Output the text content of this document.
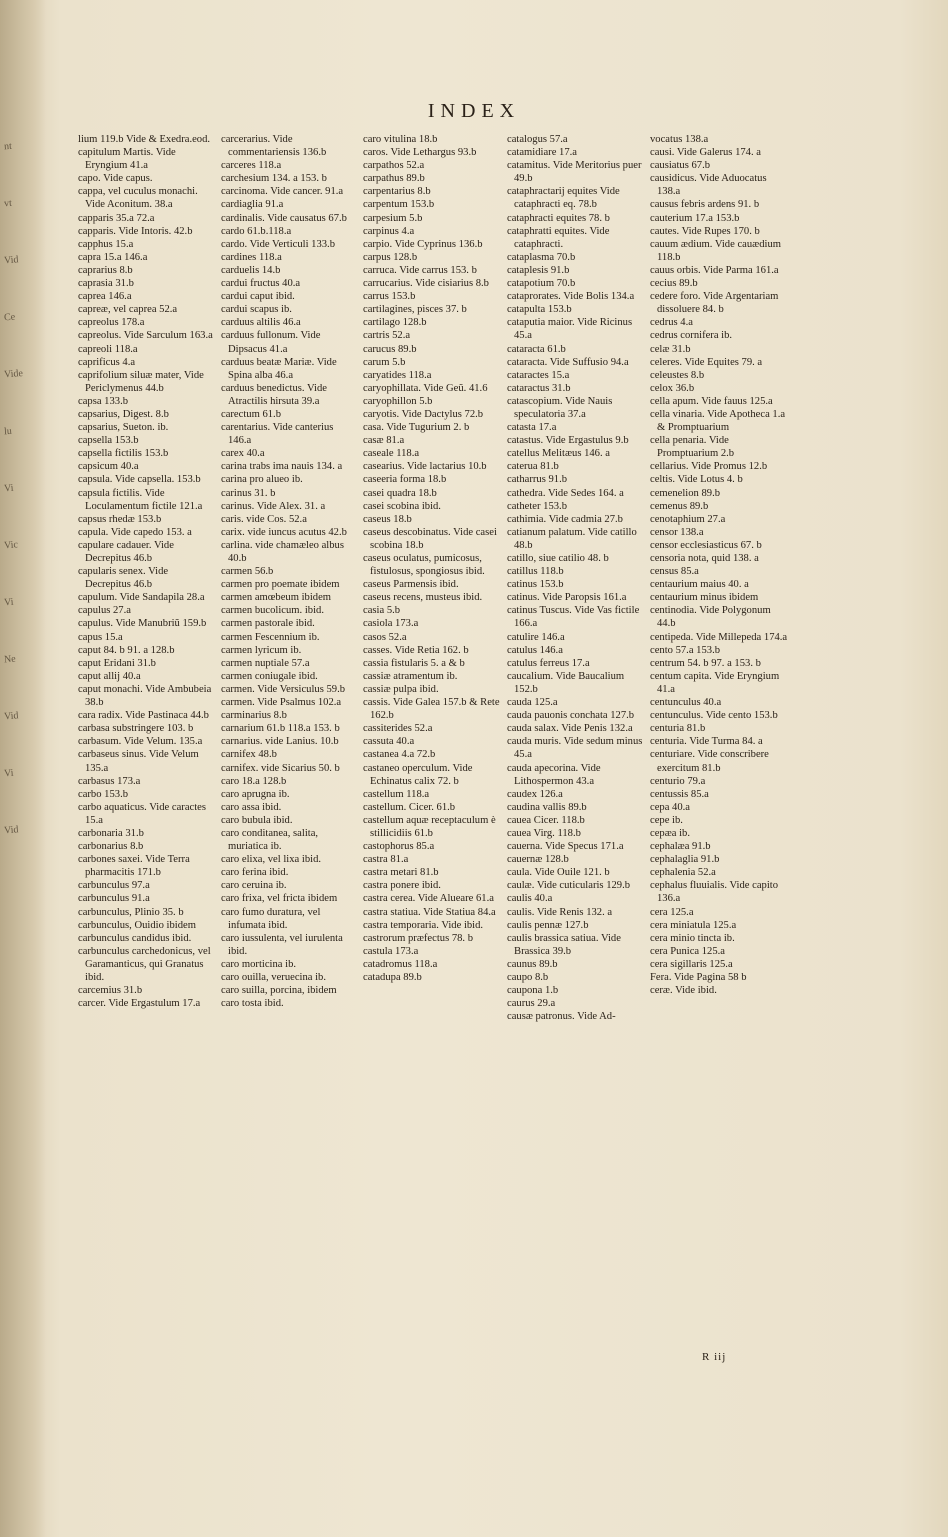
nt
vt
Vid
Ce
Vide
lu
Vi
Vic
Vi
Ne
Vid
Vi
Vid
INDEX

lium 119.b Vide & Exedra.eod.

capitulum Martis. Vide Eryngium 41.a

capo. Vide capus.

cappa, vel cuculus monachi. Vide Aconitum. 38.a

capparis 35.a 72.a

capparis. Vide Intoris. 42.b

capphus 15.a

capra 15.a 146.a

caprarius 8.b

caprasia 31.b

caprea 146.a

capreæ, vel caprea 52.a

capreolus 178.a

capreolus. Vide Sarculum 163.a

capreoli 118.a

caprificus 4.a

caprifolium siluæ mater, Vide Periclymenus 44.b

capsa 133.b

capsarius, Digest. 8.b

capsarius, Sueton. ib.

capsella 153.b

capsella fictilis 153.b

capsicum 40.a

capsula. Vide capsella. 153.b

capsula fictilis. Vide Loculamentum fictile 121.a

capsus rhedæ 153.b

capula. Vide capedo 153. a

capulare cadauer. Vide Decrepitus 46.b

capularis senex. Vide Decrepitus 46.b

capulum. Vide Sandapila 28.a

capulus 27.a

capulus. Vide Manubriũ 159.b

capus 15.a

caput 84. b 91. a 128.b

caput Eridani 31.b

caput allij 40.a

caput monachi. Vide Ambubeia 38.b

cara radix. Vide Pastinaca 44.b

carbasa substringere 103. b

carbasum. Vide Velum. 135.a

carbaseus sinus. Vide Velum 135.a

carbasus 173.a

carbo 153.b

carbo aquaticus. Vide caractes 15.a

carbonaria 31.b

carbonarius 8.b

carbones saxei. Vide Terra pharmacitis 171.b

carbunculus 97.a

carbunculus 91.a

carbunculus, Plinio 35. b

carbunculus, Ouidio ibidem

carbunculus candidus ibid.

carbunculus carchedonicus, vel Garamanticus, qui Granatus ibid.

carcemius 31.b

carcer. Vide Ergastulum 17.a

carcerarius. Vide commentariensis 136.b

carceres 118.a

carchesium 134. a 153. b

carcinoma. Vide cancer. 91.a

cardiaglia 91.a

cardinalis. Vide causatus 67.b

cardo 61.b.118.a

cardo. Vide Verticuli 133.b

cardines 118.a

carduelis 14.b

cardui fructus 40.a

cardui caput ibid.

cardui scapus ib.

carduus altilis 46.a

carduus fullonum. Vide Dipsacus 41.a

carduus beatæ Mariæ. Vide Spina alba 46.a

carduus benedictus. Vide Atractilis hirsuta 39.a

carectum 61.b

carentarius. Vide canterius 146.a

carex 40.a

carina trabs ima nauis 134. a

carina pro alueo ib.

carinus 31. b

carinus. Vide Alex. 31. a

caris. vide Cos. 52.a

carix. vide iuncus acutus 42.b

carlina. vide chamæleo albus 40.b

carmen 56.b

carmen pro poemate ibidem

carmen amœbeum ibidem

carmen bucolicum. ibid.

carmen pastorale ibid.

carmen Fescennium ib.

carmen lyricum ib.

carmen nuptiale 57.a

carmen coniugale ibid.

carmen. Vide Versiculus 59.b

carmen. Vide Psalmus 102.a

carminarius 8.b

carnarium 61.b 118.a 153. b

carnarius. vide Lanius. 10.b

carnifex 48.b

carnifex. vide Sicarius 50. b

caro 18.a 128.b

caro aprugna ib.

caro assa ibid.

caro bubula ibid.

caro conditanea, salita, muriatica ib.

caro elixa, vel lixa ibid.

caro ferina ibid.

caro ceruina ib.

caro frixa, vel fricta ibidem

caro fumo duratura, vel infumata ibid.

caro iussulenta, vel iurulenta ibid.

caro morticina ib.

caro ouilla, veruecina ib.

caro suilla, porcina, ibidem

caro tosta ibid.

caro vitulina 18.b

caros. Vide Lethargus 93.b

carpathos 52.a

carpathus 89.b

carpentarius 8.b

carpentum 153.b

carpesium 5.b

carpinus 4.a

carpio. Vide Cyprinus 136.b

carpus 128.b

carruca. Vide carrus 153. b

carrucarius. Vide cisiarius 8.b

carrus 153.b

cartilagines, pisces 37. b

cartilago 128.b

cartris 52.a

carucus 89.b

carum 5.b

caryatides 118.a

caryophillata. Vide Geũ. 41.6

caryophillon 5.b

caryotis. Vide Dactylus 72.b

casa. Vide Tugurium 2. b

casæ 81.a

caseale 118.a

casearius. Vide lactarius 10.b

caseeria forma 18.b

casei quadra 18.b

casei scobina ibid.

caseus 18.b

caseus descobinatus. Vide casei scobina 18.b

caseus oculatus, pumicosus, fistulosus, spongiosus ibid.

caseus Parmensis ibid.

caseus recens, musteus ibid.

casia 5.b

casiola 173.a

casos 52.a

casses. Vide Retia 162. b

cassia fistularis 5. a & b

cassiæ atramentum ib.

cassiæ pulpa ibid.

cassis. Vide Galea 157.b & Rete 162.b

cassiterides 52.a

cassuta 40.a

castanea 4.a 72.b

castaneo operculum. Vide Echinatus calix 72. b

castellum 118.a

castellum. Cicer. 61.b

castellum aquæ receptaculum è stillicidiis 61.b

castophorus 85.a

castra 81.a

castra metari 81.b

castra ponere ibid.

castra cerea. Vide Alueare 61.a

castra statiua. Vide Statiua 84.a

castra temporaria. Vide ibid.

castrorum præfectus 78. b

castula 173.a

catadromus 118.a

catadupa 89.b

catalogus 57.a

catamidiare 17.a

catamitus. Vide Meritorius puer 49.b

cataphractarij equites Vide cataphracti eq. 78.b

cataphracti equites 78. b

cataphratti equites. Vide cataphracti.

cataplasma 70.b

cataplesis 91.b

catapotium 70.b

cataprorates. Vide Bolis 134.a

catapulta 153.b

cataputia maior. Vide Ricinus 45.a

cataracta 61.b

cataracta. Vide Suffusio 94.a

cataractes 15.a

cataractus 31.b

catascopium. Vide Nauis speculatoria 37.a

catasta 17.a

catastus. Vide Ergastulus 9.b

catellus Melitæus 146. a

caterua 81.b

catharrus 91.b

cathedra. Vide Sedes 164. a

catheter 153.b

cathimia. Vide cadmia 27.b

catianum palatum. Vide catillo 48.b

catillo, siue catilio 48. b

catillus 118.b

catinus 153.b

catinus. Vide Paropsis 161.a

catinus Tuscus. Vide Vas fictile 166.a

catulire 146.a

catulus 146.a

catulus ferreus 17.a

caucalium. Vide Baucalium 152.b

cauda 125.a

cauda pauonis conchata 127.b

cauda salax. Vide Penis 132.a

cauda muris. Vide sedum minus 45.a

cauda apecorina. Vide Lithospermon 43.a

caudex 126.a

caudina vallis 89.b

cauea Cicer. 118.b

cauea Virg. 118.b

cauerna. Vide Specus 171.a

cauernæ 128.b

caula. Vide Ouile 121. b

caulæ. Vide cuticularis 129.b

caulis 40.a

caulis. Vide Renis 132. a

caulis pennæ 127.b

caulis brassica satiua. Vide Brassica 39.b

caunus 89.b

caupo 8.b

caupona 1.b

caurus 29.a

causæ patronus. Vide Ad-

vocatus 138.a

causi. Vide Galerus 174. a

causiatus 67.b

causidicus. Vide Aduocatus 138.a

causus febris ardens 91. b

cauterium 17.a 153.b

cautes. Vide Rupes 170. b

cauum ædium. Vide cauædium 118.b

cauus orbis. Vide Parma 161.a

cecius 89.b

cedere foro. Vide Argentariam dissoluere 84. b

cedrus 4.a

cedrus cornifera ib.

celæ 31.b

celeres. Vide Equites 79. a

celeustes 8.b

celox 36.b

cella apum. Vide fauus 125.a

cella vinaria. Vide Apotheca 1.a & Promptuarium

cella penaria. Vide Promptuarium 2.b

cellarius. Vide Promus 12.b

celtis. Vide Lotus 4. b

cemenelion 89.b

cemenus 89.b

cenotaphium 27.a

censor 138.a

censor ecclesiasticus 67. b

censoria nota, quid 138. a

census 85.a

centaurium maius 40. a

centaurium minus ibidem

centinodia. Vide Polygonum 44.b

centipeda. Vide Millepeda 174.a

cento 57.a 153.b

centrum 54. b 97. a 153. b

centum capita. Vide Eryngium 41.a

centunculus 40.a

centunculus. Vide cento 153.b

centuria 81.b

centuria. Vide Turma 84. a

centuriare. Vide conscribere exercitum 81.b

centurio 79.a

centussis 85.a

cepa 40.a

cepe ib.

cepæa ib.

cephalæa 91.b

cephalaglia 91.b

cephalenia 52.a

cephalus fluuialis. Vide capito 136.a

cera 125.a

cera miniatula 125.a

cera minio tincta ib.

cera Punica 125.a

cera sigillaris 125.a

Fera. Vide Pagina 58 b

ceræ. Vide ibid.

R iij
